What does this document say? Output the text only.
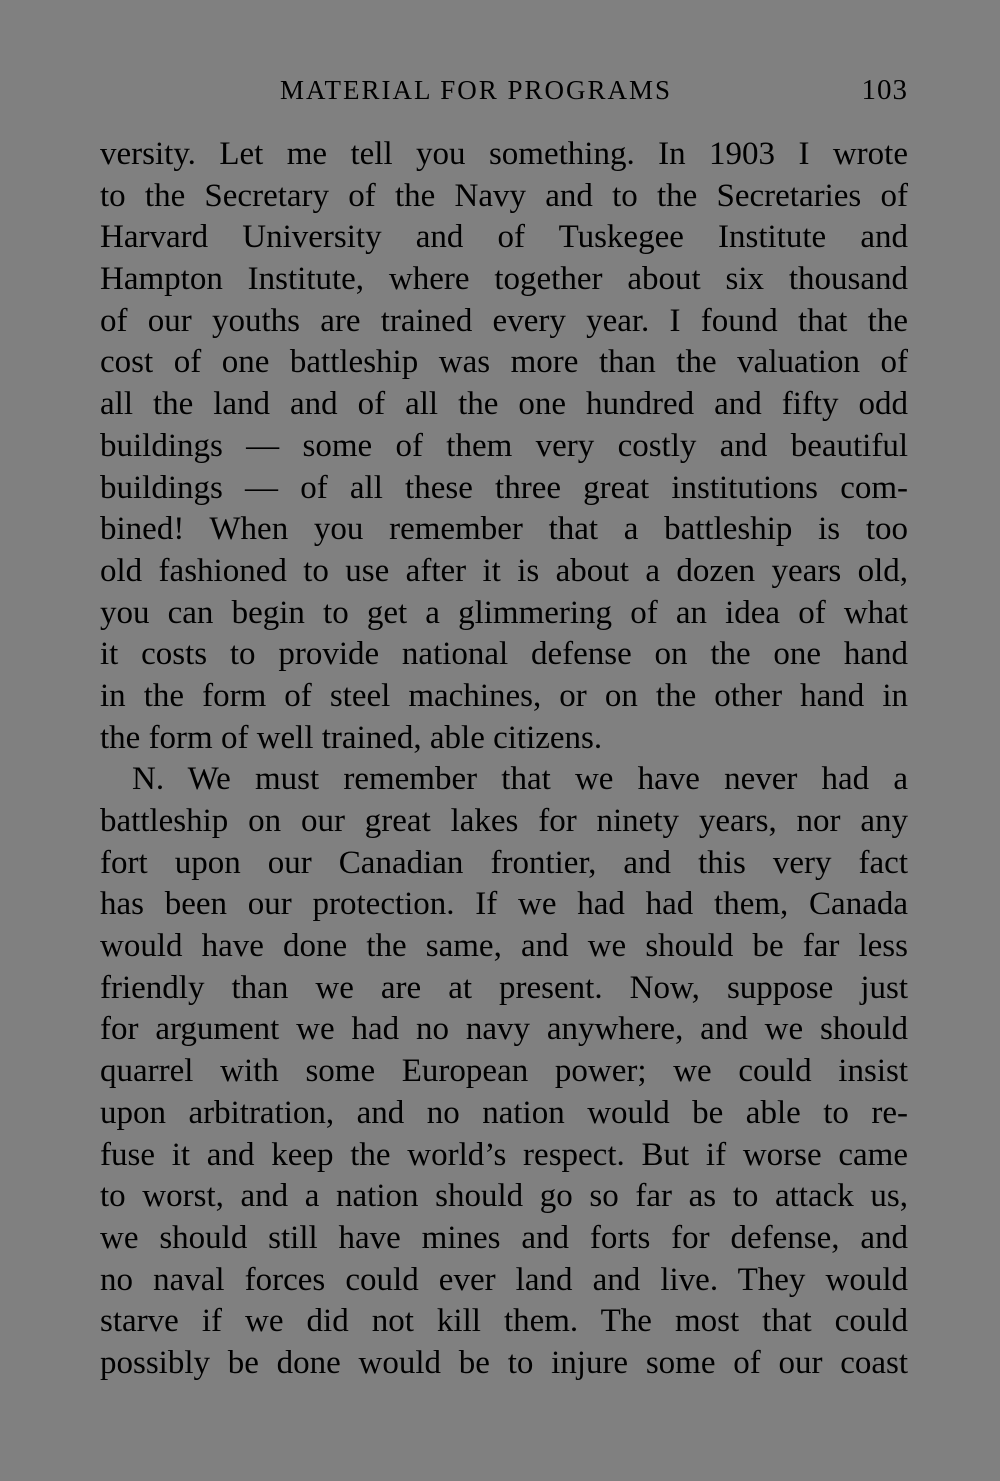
MATERIAL FOR PROGRAMS	103
versity. Let me tell you something. In 1903 I wrote
to the Secretary of the Navy and to the Secretaries of
Harvard University and of Tuskegee Institute and
Hampton Institute, where together about six thousand
of our youths are trained every year. I found that the
cost of one battleship was more than the valuation of
all the land and of all the one hundred and fifty odd
buildings — some of them very costly and beautiful
buildings — of all these three great institutions com-
bined! When you remember that a battleship is too
old fashioned to use after it is about a dozen years old,
you can begin to get a glimmering of an idea of what
it costs to provide national defense on the one hand
in the form of steel machines, or on the other hand in
the form of well trained, able citizens.
N. We must remember that we have never had a
battleship on our great lakes for ninety years, nor any
fort upon our Canadian frontier, and this very fact
has been our protection. If we had had them, Canada
would have done the same, and we should be far less
friendly than we are at present. Now, suppose just
for argument we had no navy anywhere, and we should
quarrel with some European power; we could insist
upon arbitration, and no nation would be able to re-
fuse it and keep the world’s respect. But if worse came
to worst, and a nation should go so far as to attack us,
we should still have mines and forts for defense, and
no naval forces could ever land and live. They would
starve if we did not kill them. The most that could
possibly be done would be to injure some of our coast
